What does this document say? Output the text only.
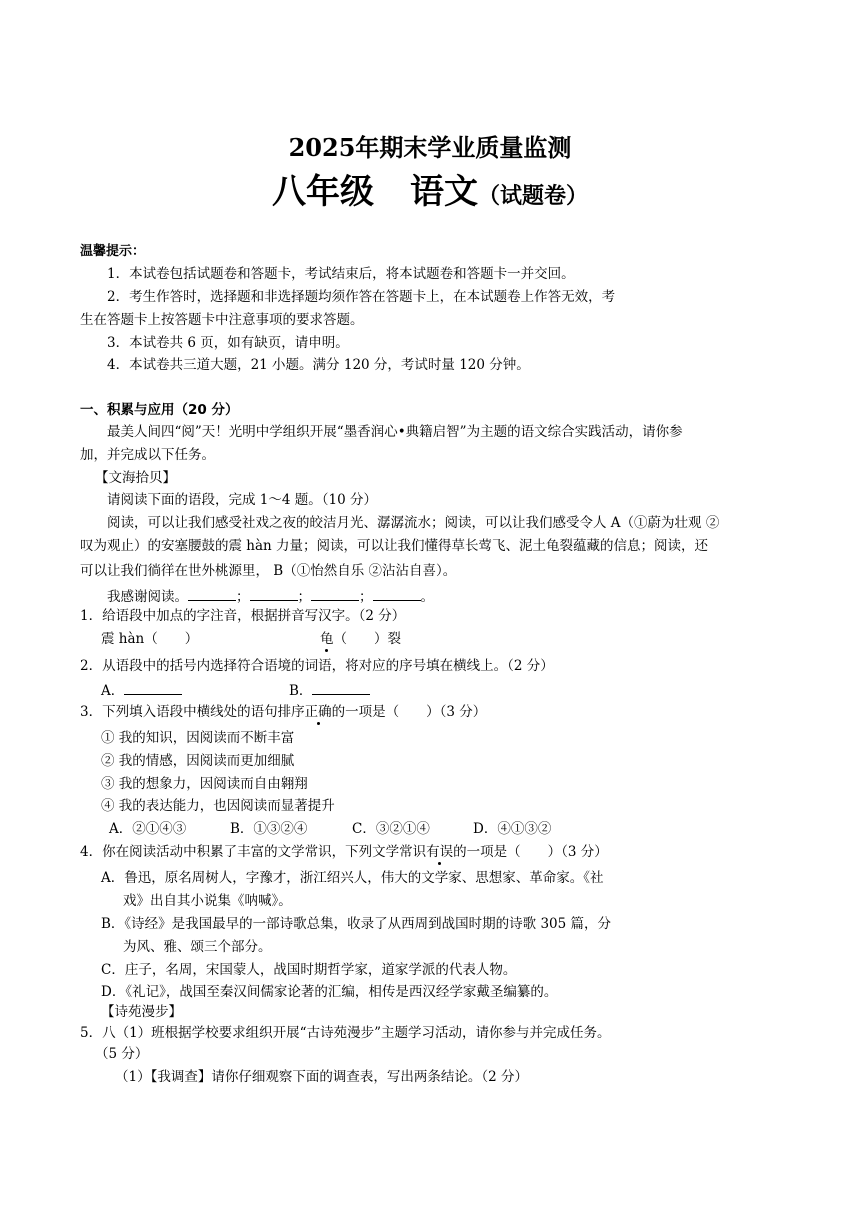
2025年期末学业质量监测
八年级 语文（试题卷）
温馨提示：
1．本试卷包括试题卷和答题卡，考试结束后，将本试题卷和答题卡一并交回。
2．考生作答时，选择题和非选择题均须作答在答题卡上，在本试题卷上作答无效，考
生在答题卡上按答题卡中注意事项的要求答题。
3．本试卷共 6 页，如有缺页，请申明。
4．本试卷共三道大题，21 小题。满分 120 分，考试时量 120 分钟。
一、积累与应用（20 分）
最美人间四“阅”天！光明中学组织开展“墨香润心•典籍启智”为主题的语文综合实践活动，请你参
加，并完成以下任务。
【文海拾贝】
请阅读下面的语段，完成 1～4 题。（10 分）
阅读，可以让我们感受社戏之夜的皎洁月光、潺潺流水；阅读，可以让我们感受令人 A（①蔚为壮观 ②
叹为观止）的安塞腰鼓的震 hàn 力量；阅读，可以让我们懂得草长莺飞、泥土龟裂蕴藏的信息；阅读，还
可以让我们徜徉在世外桃源里， B（①怡然自乐 ②沾沾自喜）。
我感谢阅读。	；	；	；	。
1．给语段中加点的字注音，根据拼音写汉字。（2 分）
震 hàn（　　）	龟（　　）裂
2．从语段中的括号内选择符合语境的词语，将对应的序号填在横线上。（2 分）
A．	B．
3．下列填入语段中横线处的语句排序正确的一项是（　　）（3 分）
① 我的知识，因阅读而不断丰富
② 我的情感，因阅读而更加细腻
③ 我的想象力，因阅读而自由翱翔
④ 我的表达能力，也因阅读而显著提升
A．②①④③	B．①③②④	C．③②①④	D．④①③②
4．你在阅读活动中积累了丰富的文学常识，下列文学常识有误的一项是（　　）（3 分）
A．鲁迅，原名周树人，字豫才，浙江绍兴人，伟大的文学家、思想家、革命家。《社
戏》出自其小说集《呐喊》。
B．《诗经》是我国最早的一部诗歌总集，收录了从西周到战国时期的诗歌 305 篇，分
为风、雅、颂三个部分。
C．庄子，名周，宋国蒙人，战国时期哲学家，道家学派的代表人物。
D．《礼记》，战国至秦汉间儒家论著的汇编，相传是西汉经学家戴圣编纂的。
【诗苑漫步】
5．八（1）班根据学校要求组织开展“古诗苑漫步”主题学习活动，请你参与并完成任务。
（5 分）
（1）【我调查】请你仔细观察下面的调查表，写出两条结论。（2 分）
